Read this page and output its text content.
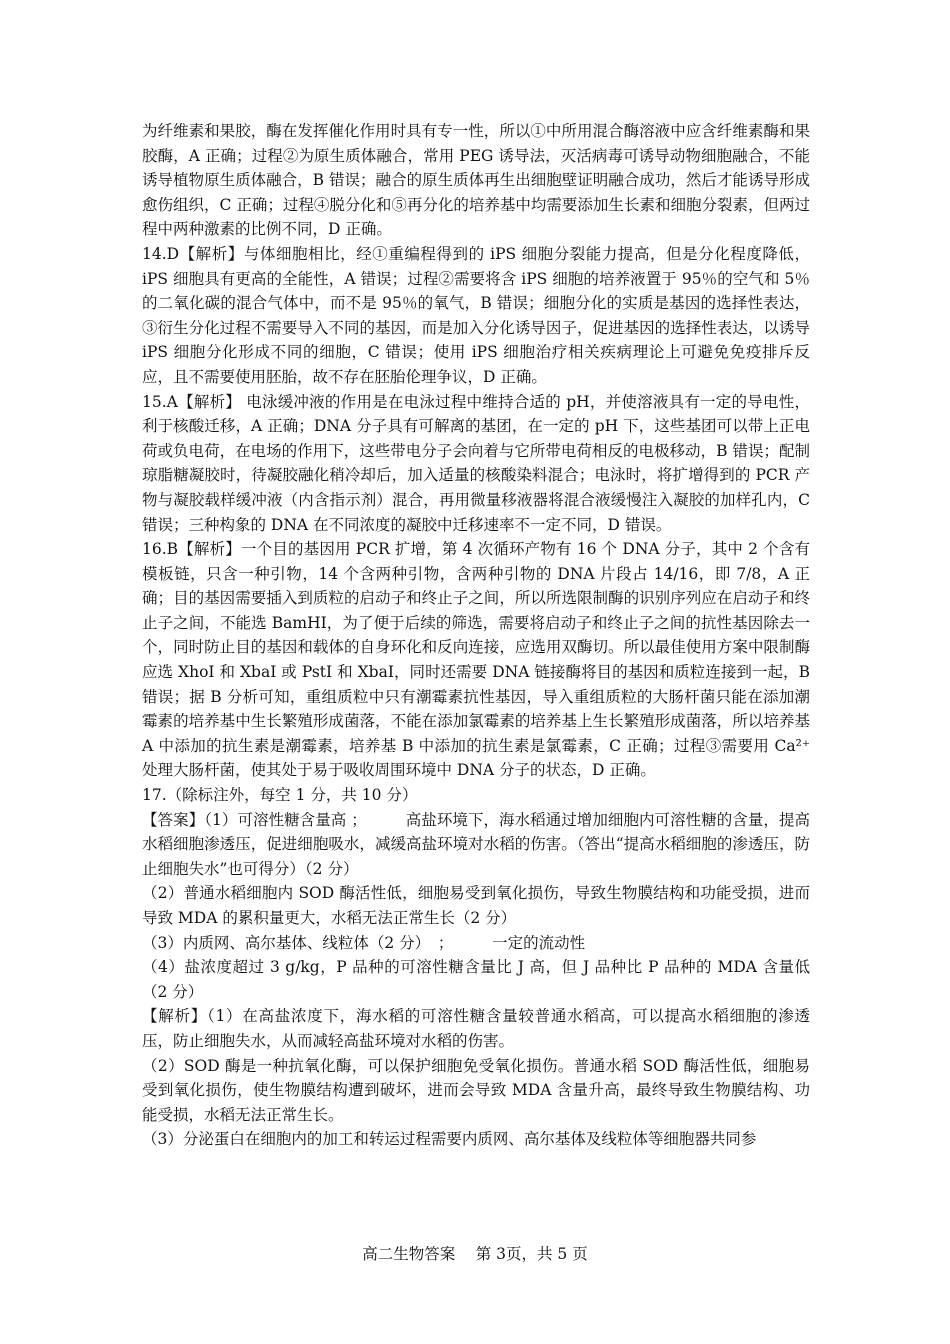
为纤维素和果胶，酶在发挥催化作用时具有专一性，所以①中所用混合酶溶液中应含纤维素酶和果胶酶，A 正确；过程②为原生质体融合，常用 PEG 诱导法，灭活病毒可诱导动物细胞融合，不能诱导植物原生质体融合，B 错误；融合的原生质体再生出细胞壁证明融合成功，然后才能诱导形成愈伤组织，C 正确；过程④脱分化和⑤再分化的培养基中均需要添加生长素和细胞分裂素，但两过程中两种激素的比例不同，D 正确。

14.D【解析】与体细胞相比，经①重编程得到的 iPS 细胞分裂能力提高，但是分化程度降低，iPS 细胞具有更高的全能性，A 错误；过程②需要将含 iPS 细胞的培养液置于 95％的空气和 5％的二氧化碳的混合气体中，而不是 95％的氧气，B 错误；细胞分化的实质是基因的选择性表达，③衍生分化过程不需要导入不同的基因，而是加入分化诱导因子，促进基因的选择性表达，以诱导 iPS 细胞分化形成不同的细胞，C 错误；使用 iPS 细胞治疗相关疾病理论上可避免免疫排斥反应，且不需要使用胚胎，故不存在胚胎伦理争议，D 正确。

15.A【解析】 电泳缓冲液的作用是在电泳过程中维持合适的 pH，并使溶液具有一定的导电性，利于核酸迁移，A 正确；DNA 分子具有可解离的基团，在一定的 pH 下，这些基团可以带上正电荷或负电荷，在电场的作用下，这些带电分子会向着与它所带电荷相反的电极移动，B 错误；配制琼脂糖凝胶时，待凝胶融化稍冷却后，加入适量的核酸染料混合；电泳时，将扩增得到的 PCR 产物与凝胶载样缓冲液（内含指示剂）混合，再用微量移液器将混合液缓慢注入凝胶的加样孔内，C 错误；三种构象的 DNA 在不同浓度的凝胶中迁移速率不一定不同，D 错误。

16.B【解析】一个目的基因用 PCR 扩增，第 4 次循环产物有 16 个 DNA 分子，其中 2 个含有模板链，只含一种引物，14 个含两种引物，含两种引物的 DNA 片段占 14/16，即 7/8，A 正确；目的基因需要插入到质粒的启动子和终止子之间，所以所选限制酶的识别序列应在启动子和终止子之间，不能选 BamHI，为了便于后续的筛选，需要将启动子和终止子之间的抗性基因除去一个，同时防止目的基因和载体的自身环化和反向连接，应选用双酶切。所以最佳使用方案中限制酶应选 XhoI 和 XbaI 或 PstI 和 XbaI，同时还需要 DNA 链接酶将目的基因和质粒连接到一起，B 错误；据 B 分析可知，重组质粒中只有潮霉素抗性基因，导入重组质粒的大肠杆菌只能在添加潮霉素的培养基中生长繁殖形成菌落，不能在添加氯霉素的培养基上生长繁殖形成菌落，所以培养基 A 中添加的抗生素是潮霉素，培养基 B 中添加的抗生素是氯霉素，C 正确；过程③需要用 Ca²⁺处理大肠杆菌，使其处于易于吸收周围环境中 DNA 分子的状态，D 正确。

17.（除标注外，每空 1 分，共 10 分）

【答案】（1）可溶性糖含量高 ；　　　高盐环境下，海水稻通过增加细胞内可溶性糖的含量，提高水稻细胞渗透压，促进细胞吸水，减缓高盐环境对水稻的伤害。（答出“提高水稻细胞的渗透压，防止细胞失水”也可得分）（2 分）

（2）普通水稻细胞内 SOD 酶活性低，细胞易受到氧化损伤，导致生物膜结构和功能受损，进而导致 MDA 的累积量更大，水稻无法正常生长（2 分）

（3）内质网、高尔基体、线粒体（2 分）　；　　　一定的流动性

（4）盐浓度超过 3 g/kg，P 品种的可溶性糖含量比 J 高，但 J 品种比 P 品种的 MDA 含量低（2 分）

【解析】（1）在高盐浓度下，海水稻的可溶性糖含量较普通水稻高，可以提高水稻细胞的渗透压，防止细胞失水，从而减轻高盐环境对水稻的伤害。

（2）SOD 酶是一种抗氧化酶，可以保护细胞免受氧化损伤。普通水稻 SOD 酶活性低，细胞易受到氧化损伤，使生物膜结构遭到破坏，进而会导致 MDA 含量升高，最终导致生物膜结构、功能受损，水稻无法正常生长。

（3）分泌蛋白在细胞内的加工和转运过程需要内质网、高尔基体及线粒体等细胞器共同参

高二生物答案　 第 3页，共 5 页
